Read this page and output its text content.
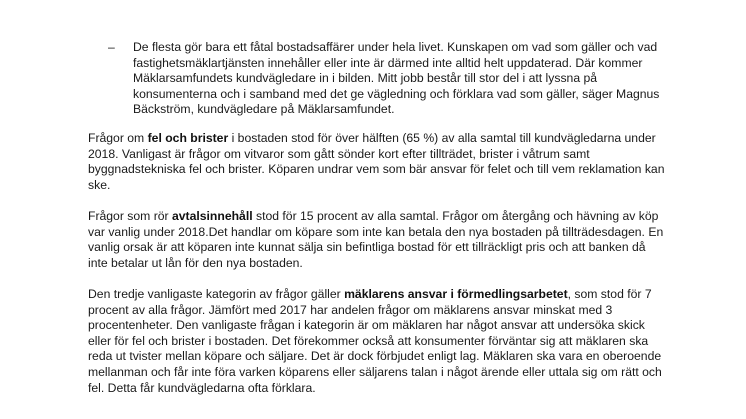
–	De flesta gör bara ett fåtal bostadsaffärer under hela livet. Kunskapen om vad som gäller och vad fastighetsmäklartjänsten innehåller eller inte är därmed inte alltid helt uppdaterad. Där kommer Mäklarsamfundets kundvägledare in i bilden. Mitt jobb består till stor del i att lyssna på konsumenterna och i samband med det ge vägledning och förklara vad som gäller, säger Magnus Bäckström, kundvägledare på Mäklarsamfundet.

Frågor om fel och brister i bostaden stod för över hälften (65 %) av alla samtal till kundvägledarna under 2018. Vanligast är frågor om vitvaror som gått sönder kort efter tillträdet, brister i våtrum samt byggnadstekniska fel och brister. Köparen undrar vem som bär ansvar för felet och till vem reklamation kan ske.

Frågor som rör avtalsinnehåll stod för 15 procent av alla samtal. Frågor om återgång och hävning av köp var vanlig under 2018.Det handlar om köpare som inte kan betala den nya bostaden på tillträdesdagen. En vanlig orsak är att köparen inte kunnat sälja sin befintliga bostad för ett tillräckligt pris och att banken då inte betalar ut lån för den nya bostaden.

Den tredje vanligaste kategorin av frågor gäller mäklarens ansvar i förmedlingsarbetet, som stod för 7 procent av alla frågor. Jämfört med 2017 har andelen frågor om mäklarens ansvar minskat med 3 procentenheter. Den vanligaste frågan i kategorin är om mäklaren har något ansvar att undersöka skick eller för fel och brister i bostaden. Det förekommer också att konsumenter förväntar sig att mäklaren ska reda ut tvister mellan köpare och säljare. Det är dock förbjudet enligt lag. Mäklaren ska vara en oberoende mellanman och får inte föra varken köparens eller säljarens talan i något ärende eller uttala sig om rätt och fel. Detta får kundvägledarna ofta förklara.
